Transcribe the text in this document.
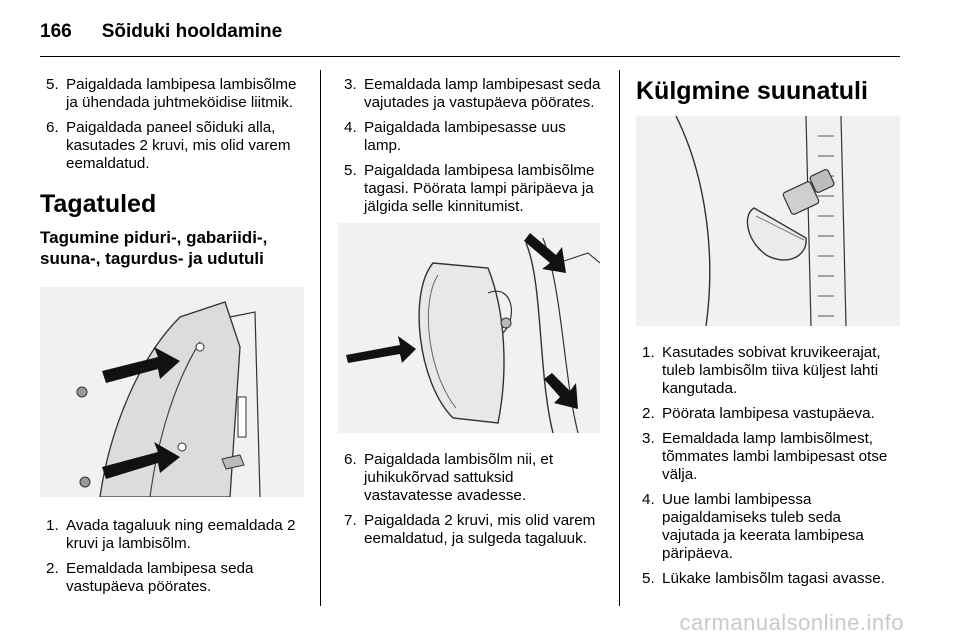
166 Sõiduki hooldamine
5. Paigaldada lambipesa lambisõlme ja ühendada juhtmeköidise liitmik.
6. Paigaldada paneel sõiduki alla, kasutades 2 kruvi, mis olid varem eemaldatud.
Tagatuled
Tagumine piduri-, gabariidi-, suuna-, tagurdus- ja udutuli
1. Avada tagaluuk ning eemaldada 2 kruvi ja lambisõlm.
2. Eemaldada lambipesa seda vastupäeva pöörates.
3. Eemaldada lamp lambipesast seda vajutades ja vastupäeva pöörates.
4. Paigaldada lambipesasse uus lamp.
5. Paigaldada lambipesa lambisõlme tagasi. Pöörata lampi päripäeva ja jälgida selle kinnitumist.
6. Paigaldada lambisõlm nii, et juhikukõrvad sattuksid vastavatesse avadesse.
7. Paigaldada 2 kruvi, mis olid varem eemaldatud, ja sulgeda tagaluuk.
Külgmine suunatuli
1. Kasutades sobivat kruvikeerajat, tuleb lambisõlm tiiva küljest lahti kangutada.
2. Pöörata lambipesa vastupäeva.
3. Eemaldada lamp lambisõlmest, tõmmates lambi lambipesast otse välja.
4. Uue lambi lambipessa paigaldamiseks tuleb seda vajutada ja keerata lambipesa päripäeva.
5. Lükake lambisõlm tagasi avasse.
carmanualsonline.info
